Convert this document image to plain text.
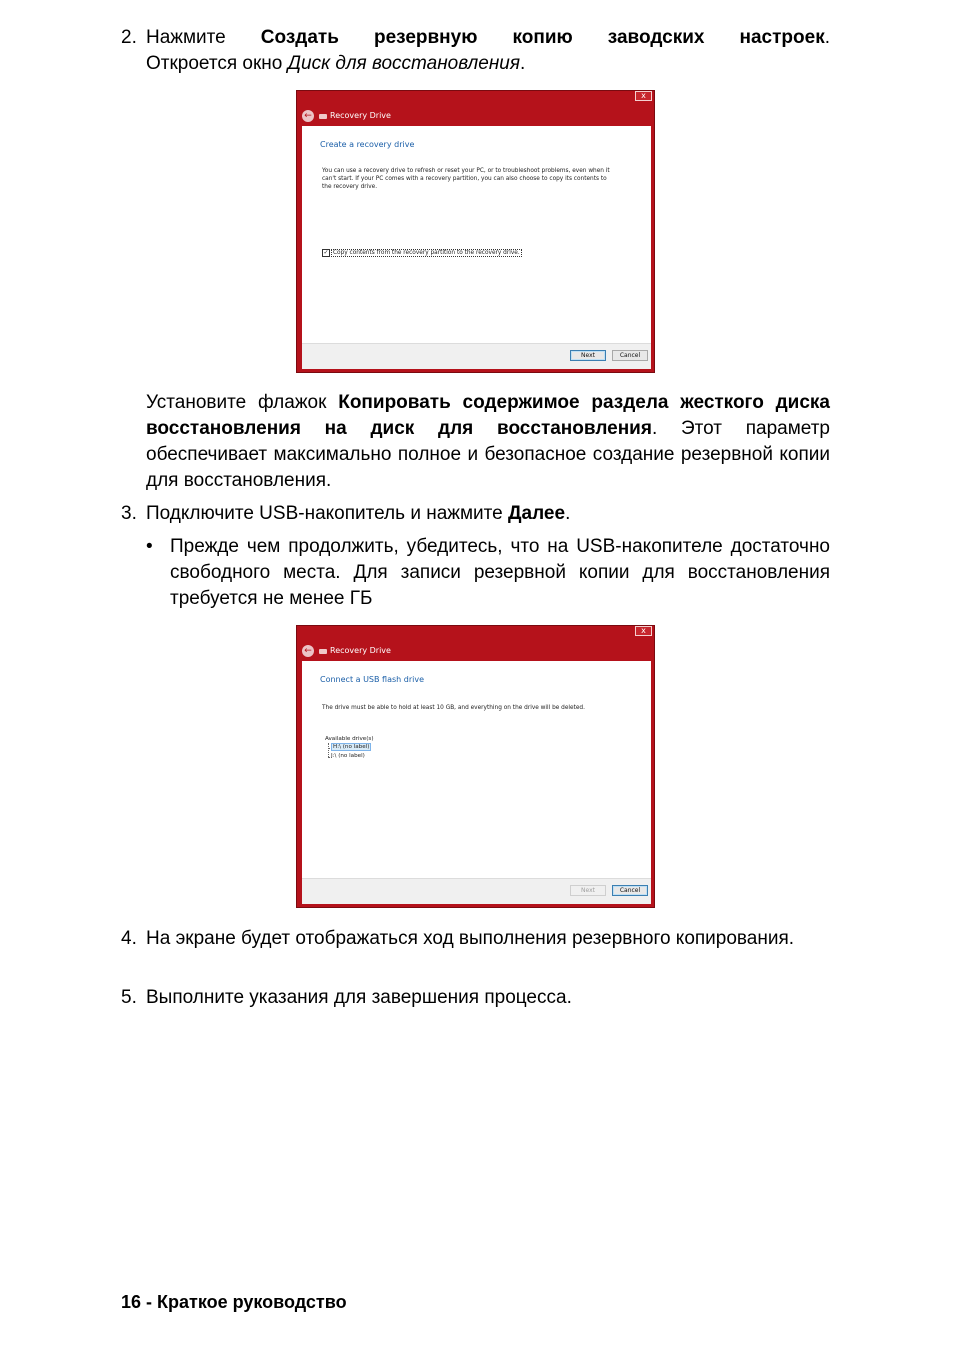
2. Нажмите Создать резервную копию заводских настроек.
Откроется окно Диск для восстановления.
x
← Recovery Drive
Create a recovery drive
You can use a recovery drive to refresh or reset your PC, or to troubleshoot problems, even when it can't start. If your PC comes with a recovery partition, you can also choose to copy its contents to the recovery drive.
✓ Copy contents from the recovery partition to the recovery drive.
Next	Cancel
Установите флажок Копировать содержимое раздела жесткого диска восстановления на диск для восстановления. Этот параметр обеспечивает максимально полное и безопасное создание резервной копии для восстановления.
3. Подключите USB-накопитель и нажмите Далее.
• Прежде чем продолжить, убедитесь, что на USB-накопителе достаточно свободного места. Для записи резервной копии для восстановления требуется не менее ГБ
x
← Recovery Drive
Connect a USB flash drive
The drive must be able to hold at least 10 GB, and everything on the drive will be deleted.
Available drive(s)
H:\ (no label)
I:\ (no label)
Next	Cancel
4. На экране будет отображаться ход выполнения резервного копирования.
5. Выполните указания для завершения процесса.
16 - Краткое руководство
